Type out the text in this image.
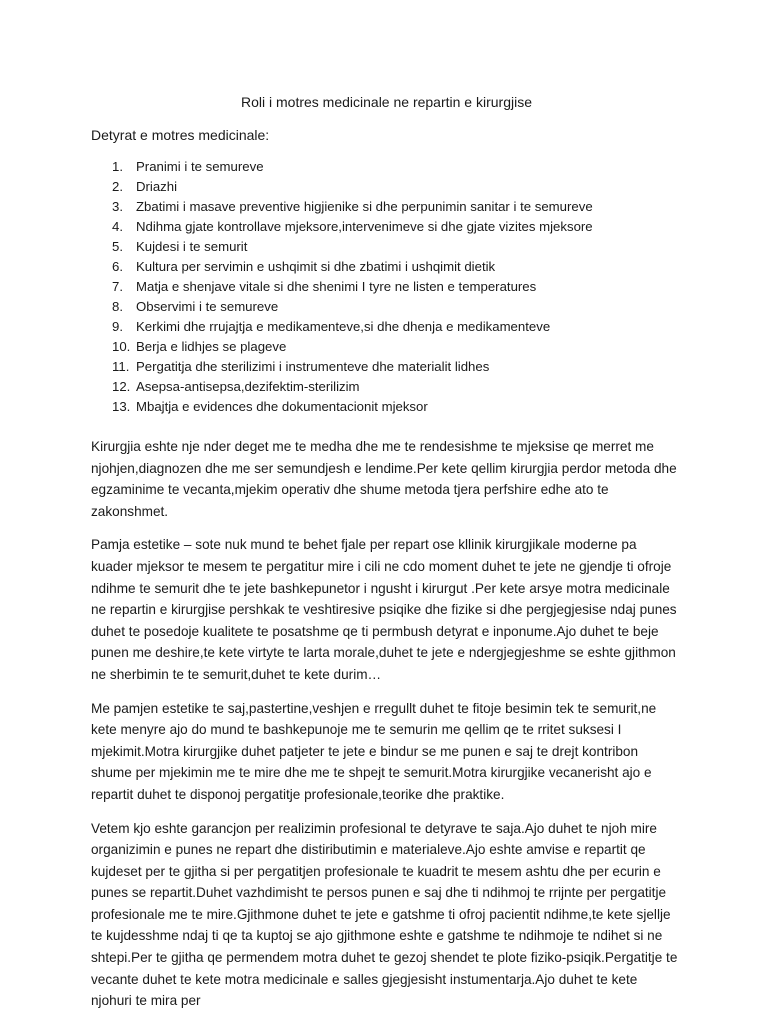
Roli i motres medicinale ne repartin e kirurgjise
Detyrat e motres medicinale:
1. Pranimi i te semureve
2. Driazhi
3. Zbatimi i masave preventive higjienike si dhe perpunimin sanitar i te semureve
4. Ndihma gjate kontrollave mjeksore,intervenimeve si dhe gjate vizites mjeksore
5. Kujdesi i te semurit
6. Kultura per servimin e ushqimit si dhe zbatimi i ushqimit dietik
7. Matja e shenjave vitale si dhe shenimi I tyre ne listen e temperatures
8. Observimi i te semureve
9. Kerkimi dhe rrujajtja e medikamenteve,si dhe dhenja e medikamenteve
10. Berja e lidhjes se plageve
11. Pergatitja dhe sterilizimi i instrumenteve dhe materialit lidhes
12. Asepsa-antisepsa,dezifektim-sterilizim
13. Mbajtja e evidences dhe dokumentacionit mjeksor

Kirurgjia eshte nje nder deget me te medha dhe me te rendesishme te mjeksise qe merret me njohjen,diagnozen dhe me ser semundjesh e lendime.Per kete qellim kirurgjia perdor metoda dhe egzaminime te vecanta,mjekim operativ dhe shume metoda tjera perfshire edhe ato te zakonshmet.

Pamja estetike – sote nuk mund te behet fjale per repart ose kllinik kirurgjikale moderne pa kuader mjeksor te mesem te pergatitur mire i cili ne cdo moment duhet te jete ne gjendje ti ofroje ndihme te semurit dhe te jete bashkepunetor i ngusht i kirurgut .Per kete arsye motra medicinale ne repartin e kirurgjise pershkak te veshtiresive psiqike dhe fizike si dhe pergjegjesise ndaj punes duhet te posedoje kualitete te posatshme qe ti permbush detyrat e inponume.Ajo duhet te beje punen me deshire,te kete virtyte te larta morale,duhet te jete e ndergjegjeshme se eshte gjithmon ne sherbimin te te semurit,duhet te kete durim…

Me pamjen estetike te saj,pastertine,veshjen e rregullt duhet te fitoje besimin tek te semurit,ne kete menyre ajo do mund te bashkepunoje me te semurin me qellim qe te rritet suksesi I mjekimit.Motra kirurgjike duhet patjeter te jete e bindur se me punen e saj te drejt kontribon shume per mjekimin me te mire dhe me te shpejt te semurit.Motra kirurgjike vecanerisht ajo e repartit duhet te disponoj pergatitje profesionale,teorike dhe praktike.

Vetem kjo eshte garancjon per realizimin profesional te detyrave te saja.Ajo duhet te njoh mire organizimin e punes ne repart dhe distiributimin e materialeve.Ajo eshte amvise e repartit qe kujdeset per te gjitha si per pergatitjen profesionale te kuadrit te mesem ashtu dhe per ecurin e punes se repartit.Duhet vazhdimisht te persos punen e saj dhe ti ndihmoj te rrijnte per pergatitje profesionale me te mire.Gjithmone duhet te jete e gatshme ti ofroj pacientit ndihme,te kete sjellje te kujdesshme ndaj ti qe ta kuptoj se ajo gjithmone eshte e gatshme te ndihmoje te ndihet si ne shtepi.Per te gjitha qe permendem motra duhet te gezoj shendet te plote fiziko-psiqik.Pergatitje te vecante duhet te kete motra medicinale e salles gjegjesisht instumentarja.Ajo duhet te kete njohuri te mira per
